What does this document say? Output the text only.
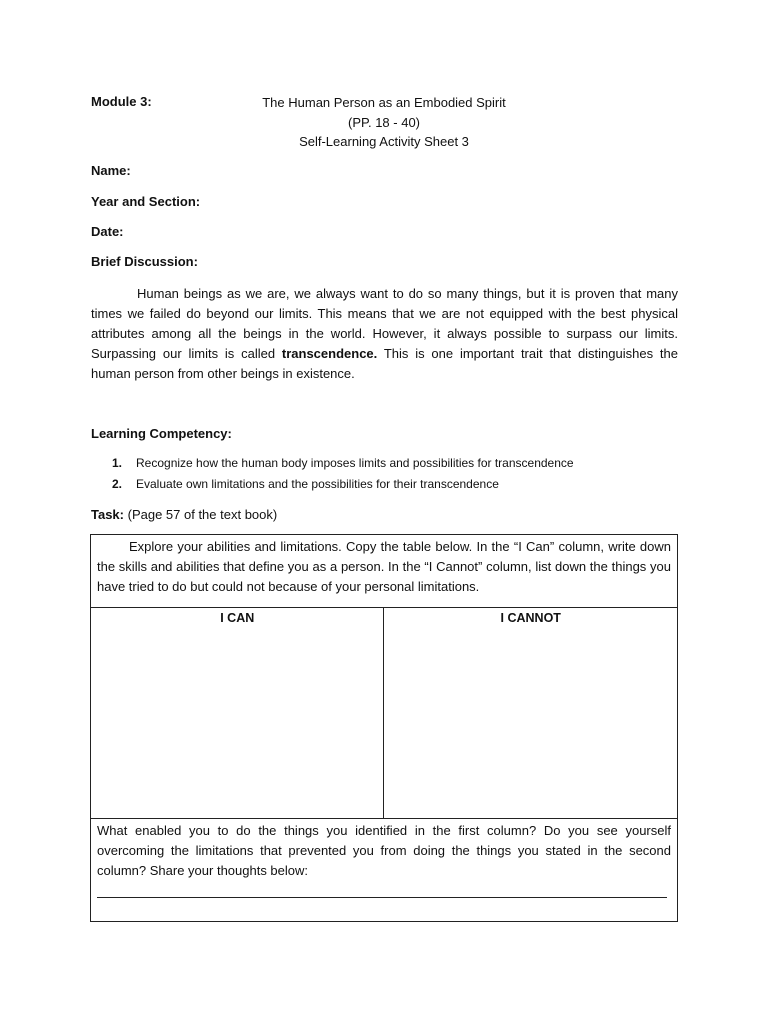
Module 3:	The Human Person as an Embodied Spirit
(PP. 18 - 40)
Self-Learning Activity Sheet 3
Name:
Year and Section:
Date:
Brief Discussion:
Human beings as we are, we always want to do so many things, but it is proven that many times we failed do beyond our limits. This means that we are not equipped with the best physical attributes among all the beings in the world. However, it always possible to surpass our limits. Surpassing our limits is called transcendence. This is one important trait that distinguishes the human person from other beings in existence.
Learning Competency:
1. Recognize how the human body imposes limits and possibilities for transcendence
2. Evaluate own limitations and the possibilities for their transcendence
Task: (Page 57 of the text book)
Explore your abilities and limitations. Copy the table below. In the “I Can” column, write down the skills and abilities that define you as a person. In the “I Cannot” column, list down the things you have tried to do but could not because of your personal limitations.

I CAN	I CANNOT

What enabled you to do the things you identified in the first column? Do you see yourself overcoming the limitations that prevented you from doing the things you stated in the second column? Share your thoughts below:
